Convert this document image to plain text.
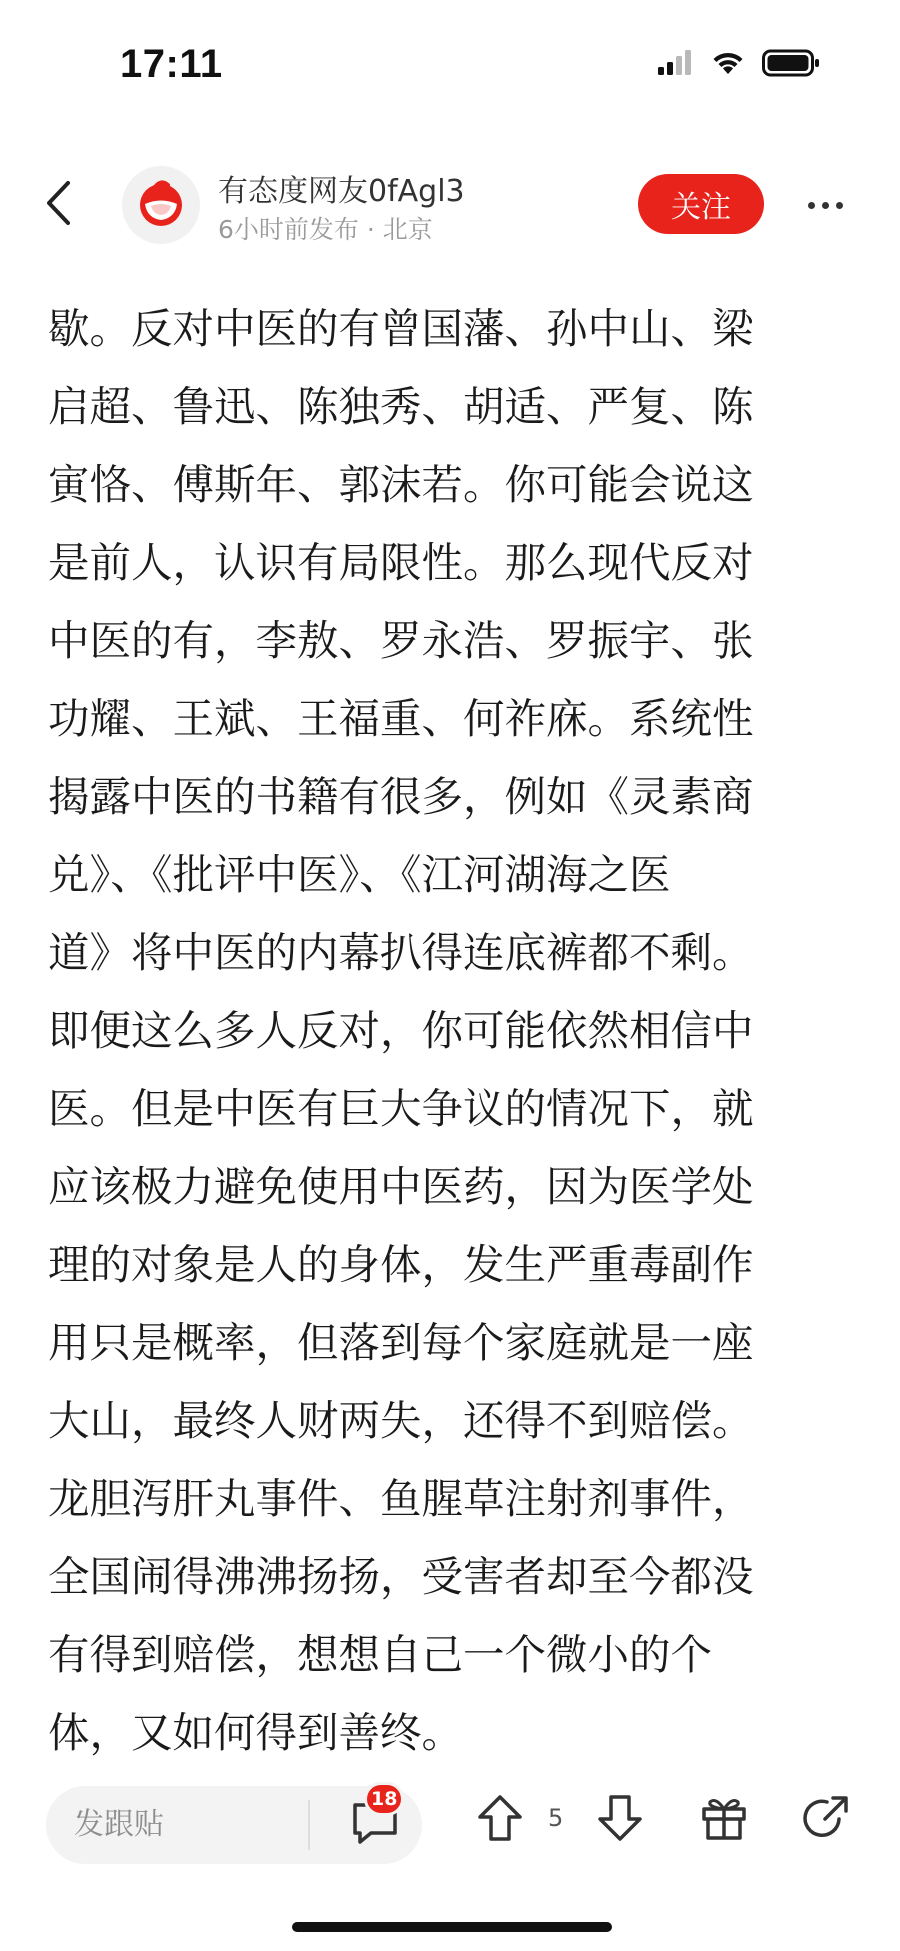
17:11
有态度网友0fAgl3
6小时前发布 · 北京
关注
歇。反对中医的有曾国藩、孙中山、梁
启超、鲁迅、陈独秀、胡适、严复、陈
寅恪、傅斯年、郭沫若。你可能会说这
是前人，认识有局限性。那么现代反对
中医的有，李敖、罗永浩、罗振宇、张
功耀、王斌、王福重、何祚庥。系统性
揭露中医的书籍有很多，例如《灵素商
兑》、《批评中医》、《江河湖海之医
道》将中医的内幕扒得连底裤都不剩。
即便这么多人反对，你可能依然相信中
医。但是中医有巨大争议的情况下，就
应该极力避免使用中医药，因为医学处
理的对象是人的身体，发生严重毒副作
用只是概率，但落到每个家庭就是一座
大山，最终人财两失，还得不到赔偿。
龙胆泻肝丸事件、鱼腥草注射剂事件，
全国闹得沸沸扬扬，受害者却至今都没
有得到赔偿，想想自己一个微小的个
体，又如何得到善终。
发跟贴
18
5
